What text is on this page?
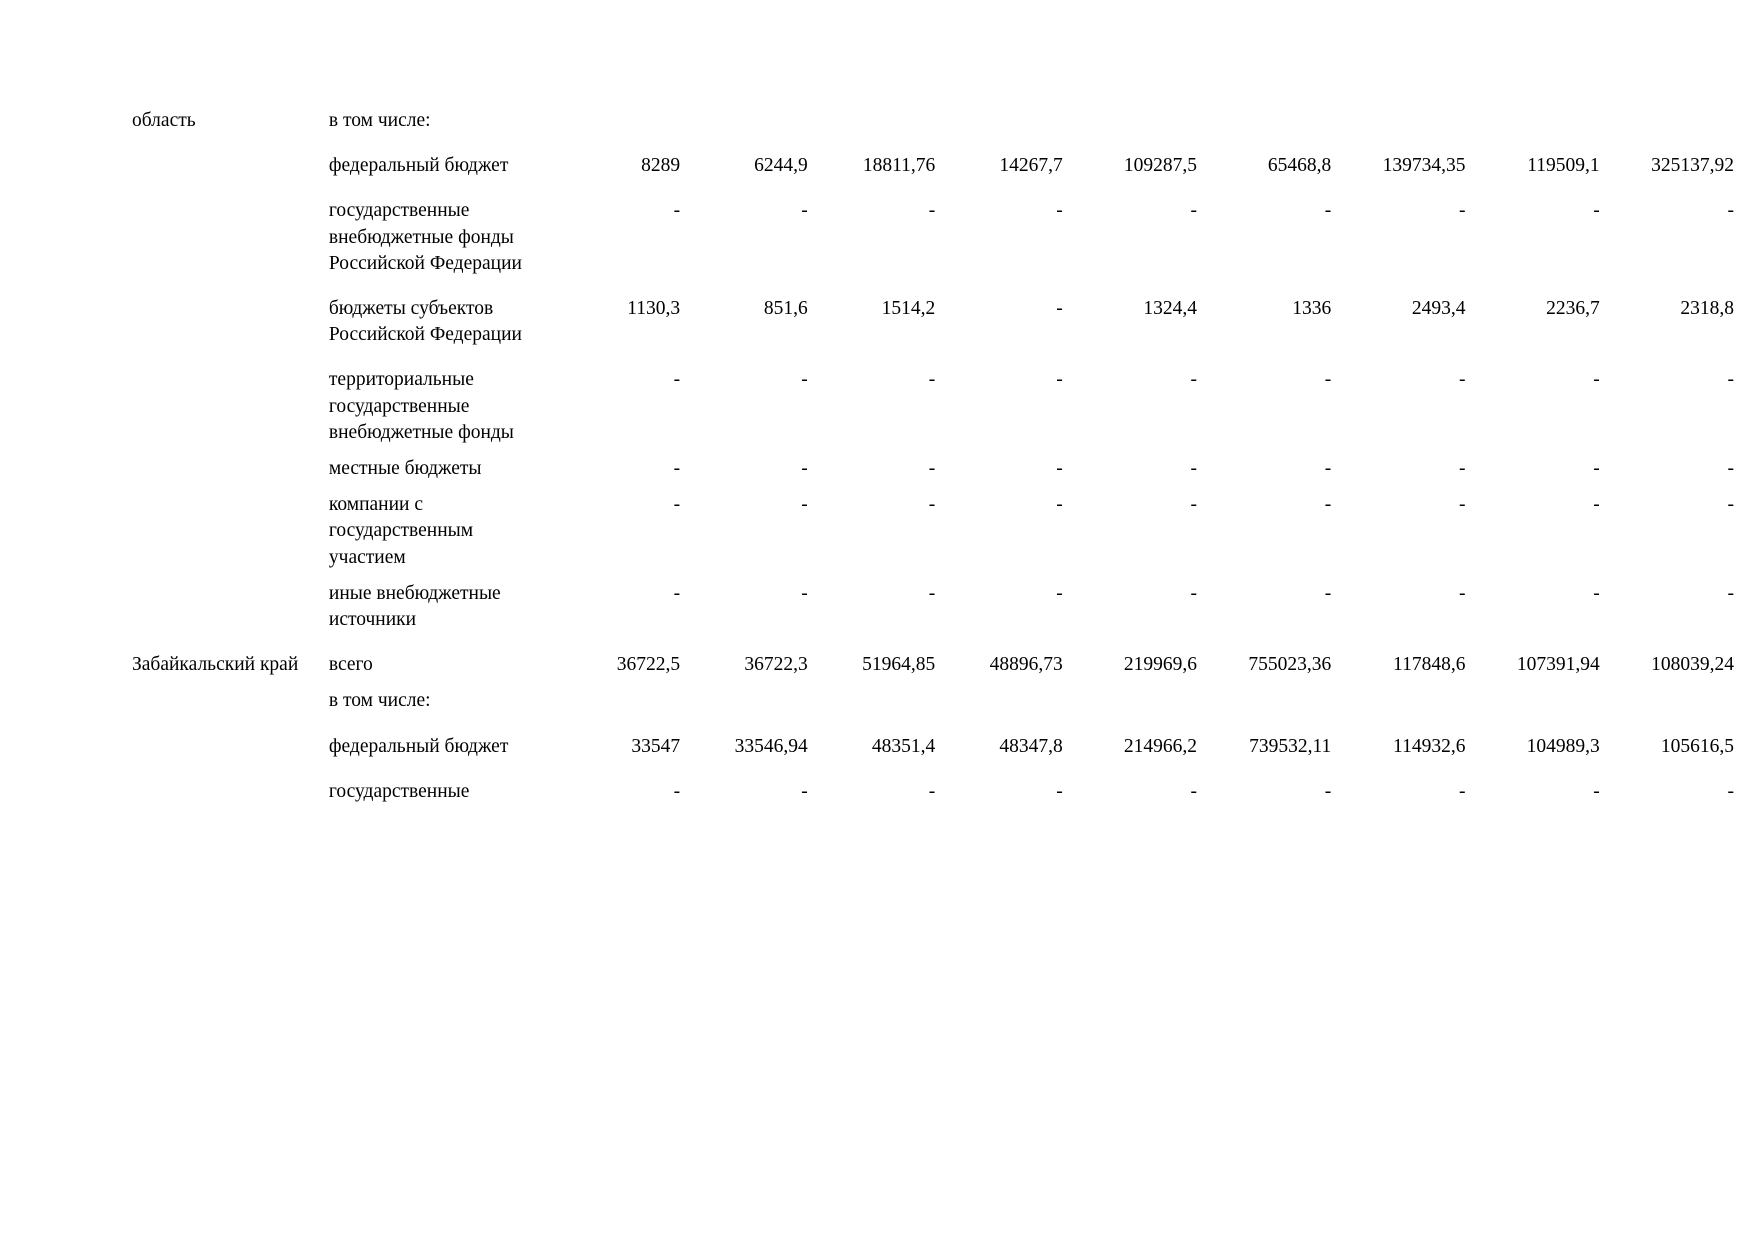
область	в том числе:									

	федеральный бюджет	8289	6244,9	18811,76	14267,7	109287,5	65468,8	139734,35	119509,1	325137,92

	государственные внебюджетные фонды Российской Федерации	-	-	-	-	-	-	-	-	-

	бюджеты субъектов Российской Федерации	1130,3	851,6	1514,2	-	1324,4	1336	2493,4	2236,7	2318,8

	территориальные государственные внебюджетные фонды	-	-	-	-	-	-	-	-	-

	местные бюджеты	-	-	-	-	-	-	-	-	-

	компании с государственным участием	-	-	-	-	-	-	-	-	-

	иные внебюджетные источники	-	-	-	-	-	-	-	-	-

Забайкальский край	всего	36722,5	36722,3	51964,85	48896,73	219969,6	755023,36	117848,6	107391,94	108039,24

	в том числе:									

	федеральный бюджет	33547	33546,94	48351,4	48347,8	214966,2	739532,11	114932,6	104989,3	105616,5

	государственные	-	-	-	-	-	-	-	-	-
